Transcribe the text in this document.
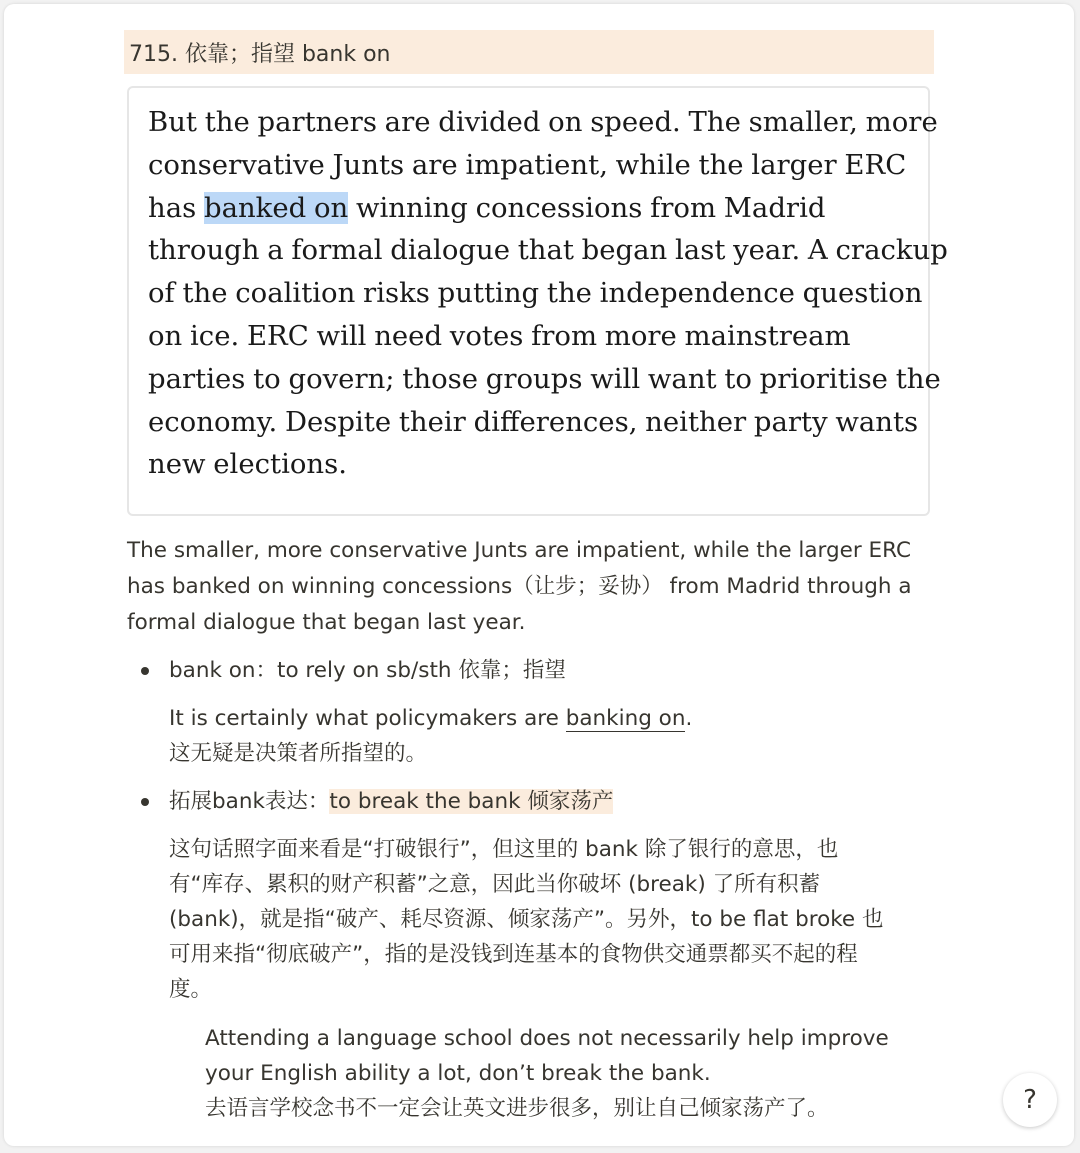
715. 依靠；指望 bank on
But the partners are divided on speed. The smaller, more
conservative Junts are impatient, while the larger ERC
has banked on winning concessions from Madrid
through a formal dialogue that began last year. A crackup
of the coalition risks putting the independence question
on ice. ERC will need votes from more mainstream
parties to govern; those groups will want to prioritise the
economy. Despite their differences, neither party wants
new elections.
The smaller, more conservative Junts are impatient, while the larger ERC
has banked on winning concessions（让步；妥协） from Madrid through a
formal dialogue that began last year.
bank on：to rely on sb/sth 依靠；指望
It is certainly what policymakers are banking on.
这无疑是决策者所指望的。
拓展bank表达：to break the bank 倾家荡产
这句话照字面来看是“打破银行”，但这里的 bank 除了银行的意思，也
有“库存、累积的财产积蓄”之意，因此当你破坏 (break) 了所有积蓄
(bank)，就是指“破产、耗尽资源、倾家荡产”。另外，to be flat broke 也
可用来指“彻底破产”，指的是没钱到连基本的食物供交通票都买不起的程
度。
Attending a language school does not necessarily help improve
your English ability a lot, don’t break the bank.
去语言学校念书不一定会让英文进步很多，别让自己倾家荡产了。	?
